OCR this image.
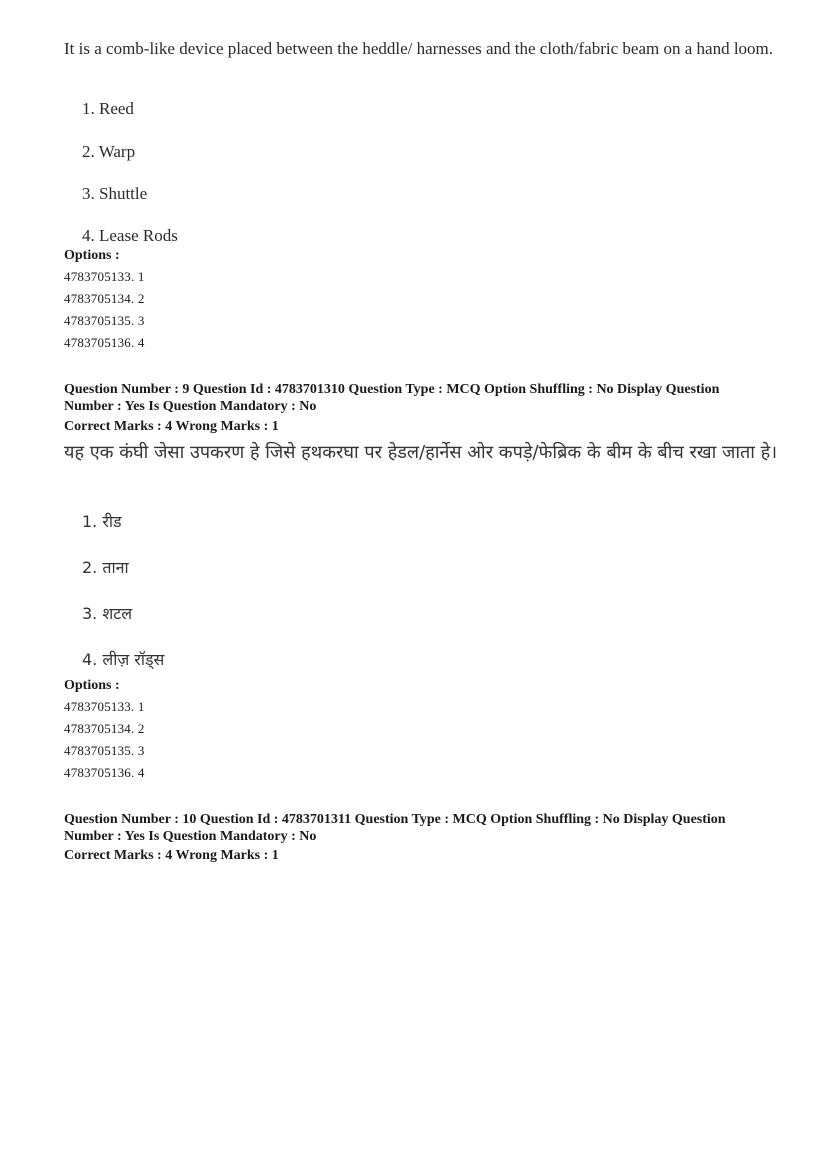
It is a comb-like device placed between the heddle/ harnesses and the cloth/fabric beam on a hand loom.
1. Reed
2. Warp
3. Shuttle
4. Lease Rods
Options :
4783705133. 1
4783705134. 2
4783705135. 3
4783705136. 4
Question Number : 9 Question Id : 4783701310 Question Type : MCQ Option Shuffling : No Display Question
Number : Yes Is Question Mandatory : No
Correct Marks : 4 Wrong Marks : 1
यह एक कंघी जेसा उपकरण हे जिसे हथकरघा पर हेडल/हार्नेस ओर कपड़े/फेब्रिक के बीम के बीच रखा जाता हे।
1. रीड
2. ताना
3. शटल
4. लीज़ रॉड्स
Options :
4783705133. 1
4783705134. 2
4783705135. 3
4783705136. 4
Question Number : 10 Question Id : 4783701311 Question Type : MCQ Option Shuffling : No Display Question
Number : Yes Is Question Mandatory : No
Correct Marks : 4 Wrong Marks : 1
